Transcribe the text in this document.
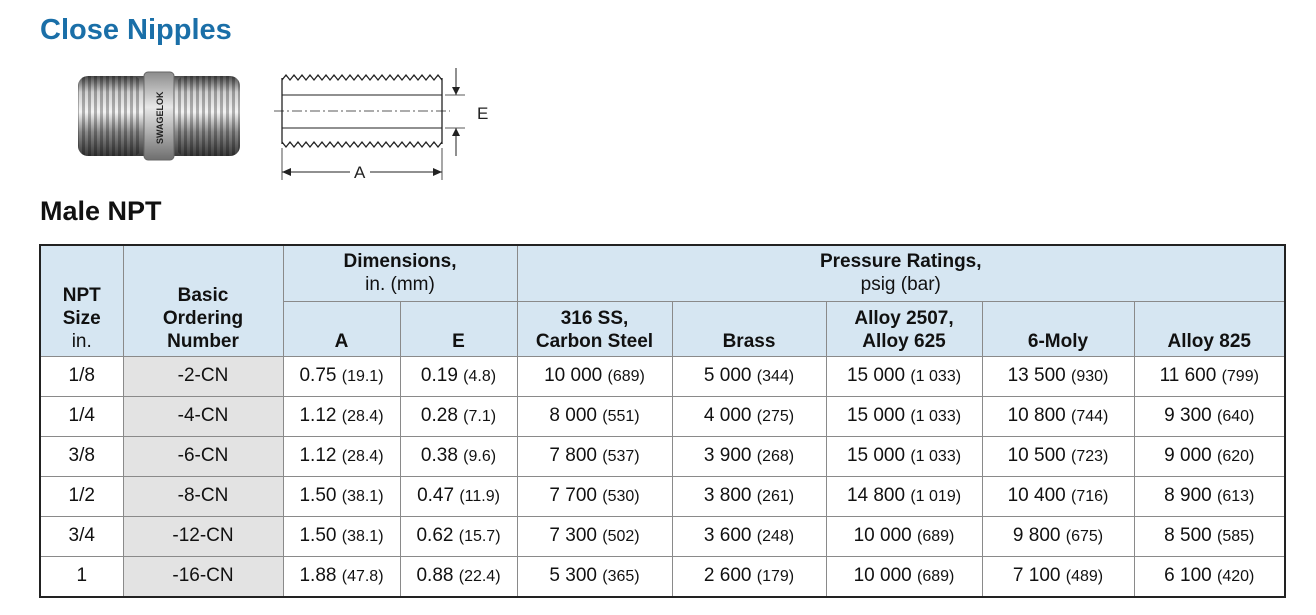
Close Nipples
SWAGELOK	E
A
Male NPT
NPT Size
in.	Basic Ordering Number	Dimensions,
in. (mm)		Pressure Ratings,
psig (bar)				

		A	E	316 SS, Carbon Steel	Brass	Alloy 2507, Alloy 625	6-Moly	Alloy 825
1/8	-2-CN	0.75 (19.1)	0.19 (4.8)	10 000 (689)	5 000 (344)	15 000 (1 033)	13 500 (930)	11 600 (799)
1/4	-4-CN	1.12 (28.4)	0.28 (7.1)	8 000 (551)	4 000 (275)	15 000 (1 033)	10 800 (744)	9 300 (640)
3/8	-6-CN	1.12 (28.4)	0.38 (9.6)	7 800 (537)	3 900 (268)	15 000 (1 033)	10 500 (723)	9 000 (620)
1/2	-8-CN	1.50 (38.1)	0.47 (11.9)	7 700 (530)	3 800 (261)	14 800 (1 019)	10 400 (716)	8 900 (613)
3/4	-12-CN	1.50 (38.1)	0.62 (15.7)	7 300 (502)	3 600 (248)	10 000 (689)	9 800 (675)	8 500 (585)
1	-16-CN	1.88 (47.8)	0.88 (22.4)	5 300 (365)	2 600 (179)	10 000 (689)	7 100 (489)	6 100 (420)
